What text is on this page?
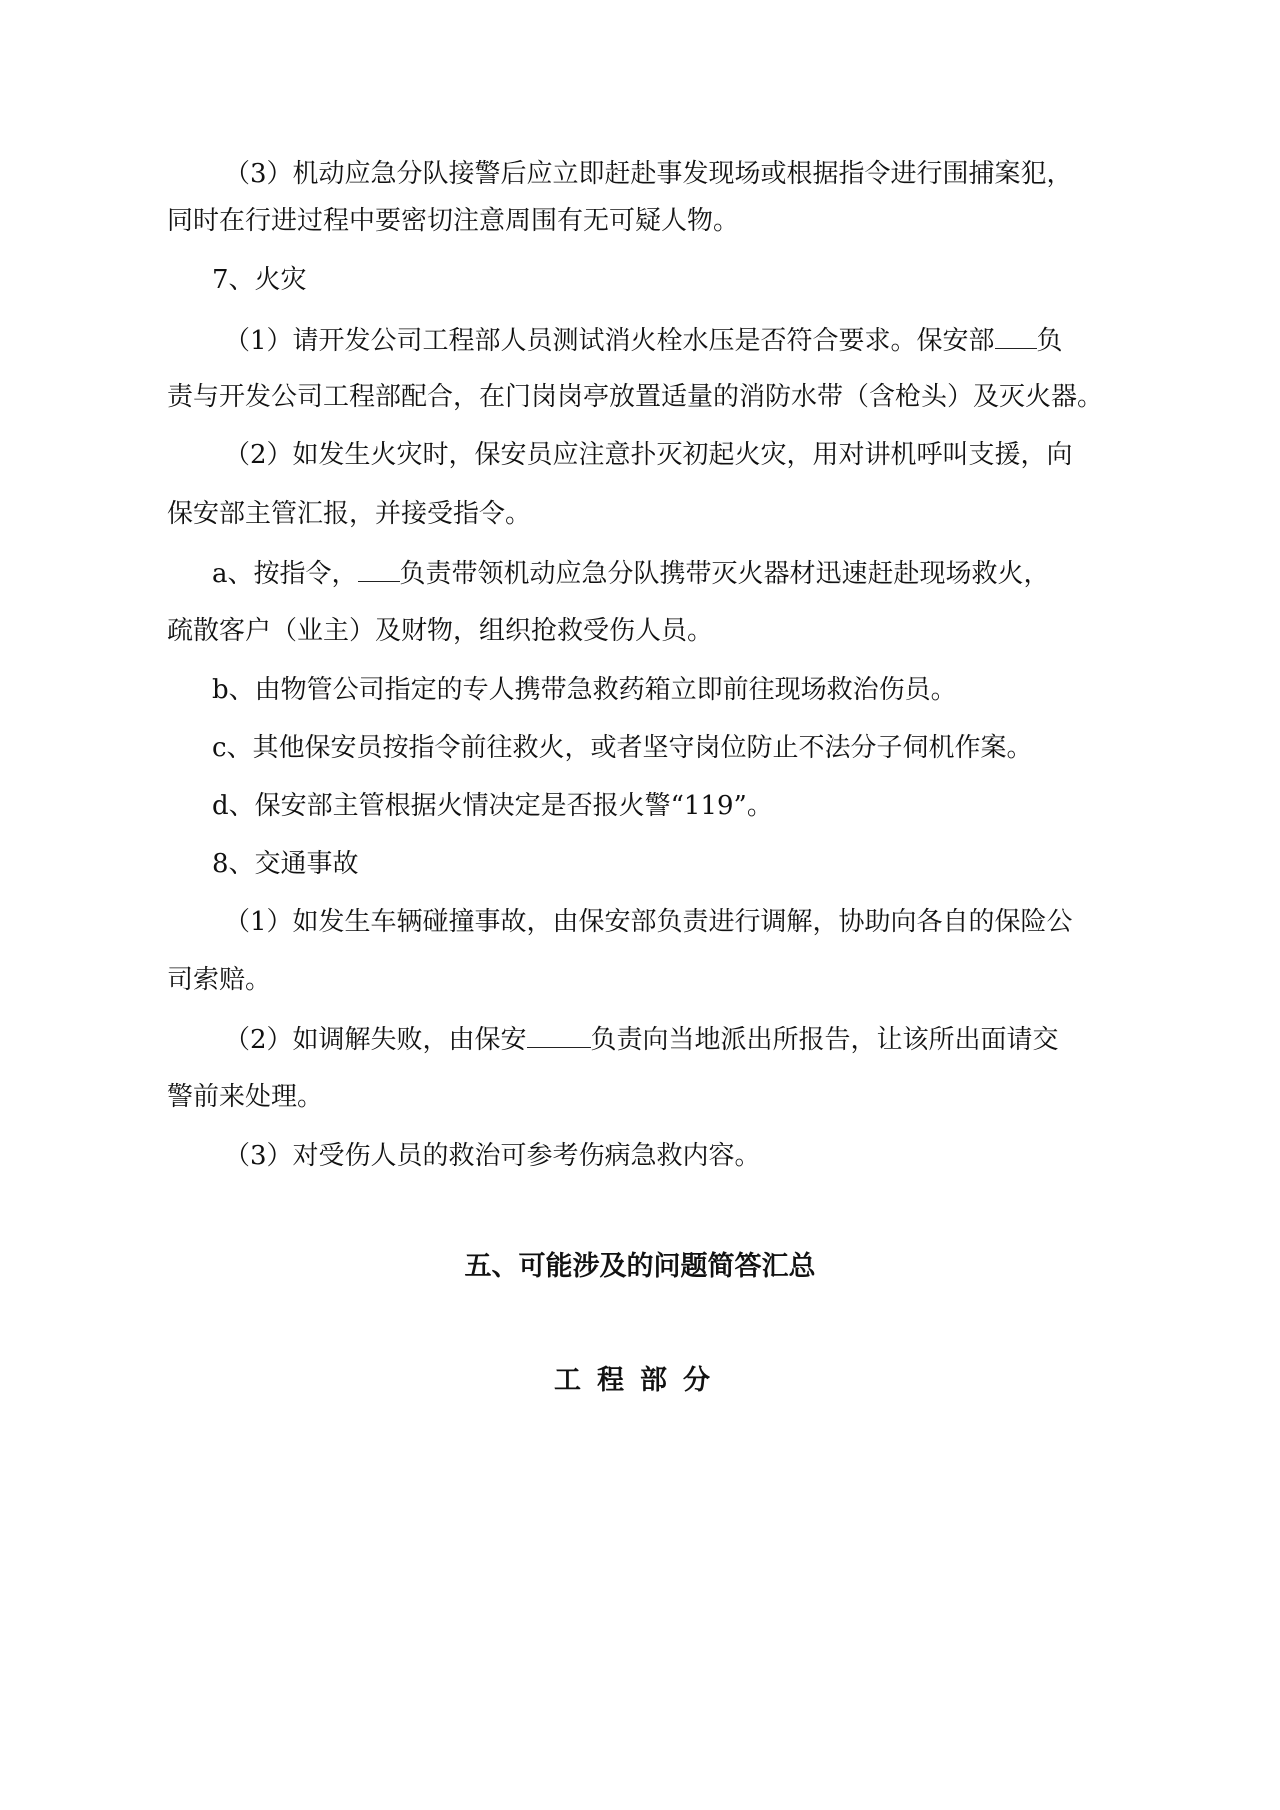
（3）机动应急分队接警后应立即赶赴事发现场或根据指令进行围捕案犯，
同时在行进过程中要密切注意周围有无可疑人物。
7、火灾
（1）请开发公司工程部人员测试消火栓水压是否符合要求。保安部 负
责与开发公司工程部配合，在门岗岗亭放置适量的消防水带（含枪头）及灭火器。
（2）如发生火灾时，保安员应注意扑灭初起火灾，用对讲机呼叫支援，向
保安部主管汇报，并接受指令。
a、按指令， 负责带领机动应急分队携带灭火器材迅速赶赴现场救火，
疏散客户（业主）及财物，组织抢救受伤人员。
b、由物管公司指定的专人携带急救药箱立即前往现场救治伤员。
c、其他保安员按指令前往救火，或者坚守岗位防止不法分子伺机作案。
d、保安部主管根据火情决定是否报火警“119”。
8、交通事故
（1）如发生车辆碰撞事故，由保安部负责进行调解，协助向各自的保险公
司索赔。
（2）如调解失败，由保安 负责向当地派出所报告，让该所出面请交
警前来处理。
（3）对受伤人员的救治可参考伤病急救内容。
五、可能涉及的问题简答汇总
工程部分
